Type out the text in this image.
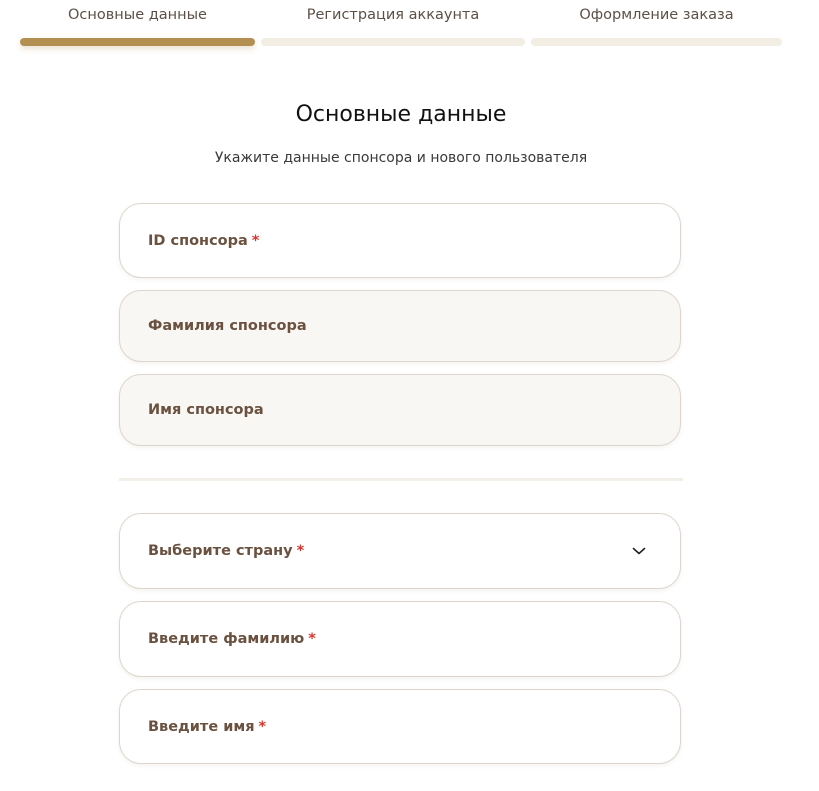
Основные данные	Регистрация аккаунта	Оформление заказа
Основные данные
Укажите данные спонсора и нового пользователя
ID спонсора *
Фамилия спонсора
Имя спонсора
Выберите страну *
Введите фамилию *
Введите имя *
